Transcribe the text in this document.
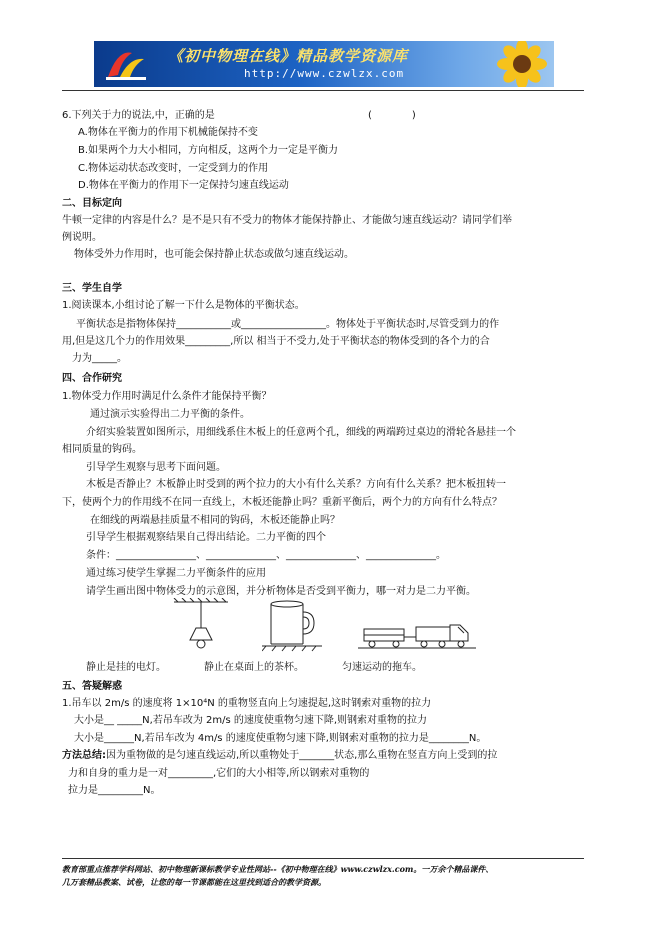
《初中物理在线》精品教学资源库
http://www.czwlzx.com
6.下列关于力的说法,中，正确的是	(　　　　)
A.物体在平衡力的作用下机械能保持不变
B.如果两个力大小相同，方向相反，这两个力一定是平衡力
C.物体运动状态改变时，一定受到力的作用
D.物体在平衡力的作用下一定保持匀速直线运动
二、目标定向
牛顿一定律的内容是什么？是不是只有不受力的物体才能保持静止、才能做匀速直线运动？请同学们举
例说明。
物体受外力作用时，也可能会保持静止状态或做匀速直线运动。
三、学生自学
1.阅读课本,小组讨论了解一下什么是物体的平衡状态。
平衡状态是指物体保持___________或_________________。物体处于平衡状态时,尽管受到力的作
用,但是这几个力的作用效果_________,所以 相当于不受力,处于平衡状态的物体受到的各个力的合
力为_____。
四、合作研究
1.物体受力作用时满足什么条件才能保持平衡？
通过演示实验得出二力平衡的条件。
介绍实验装置如图所示，用细线系住木板上的任意两个孔，细线的两端跨过桌边的滑轮各悬挂一个
相同质量的钩码。
引导学生观察与思考下面问题。
木板是否静止？木板静止时受到的两个拉力的大小有什么关系？方向有什么关系？把木板扭转一
下，使两个力的作用线不在同一直线上，木板还能静止吗？重新平衡后，两个力的方向有什么特点？
在细线的两端悬挂质量不相同的钩码，木板还能静止吗？
引导学生根据观察结果自己得出结论。二力平衡的四个
条件：________________、______________、______________、______________。
通过练习使学生掌握二力平衡条件的应用
请学生画出图中物体受力的示意图，并分析物体是否受到平衡力，哪一对力是二力平衡。
静止是挂的电灯。	静止在桌面上的茶杯。	匀速运动的拖车。
五、答疑解惑
1.吊车以 2m/s 的速度将 1×10⁴N 的重物竖直向上匀速提起,这时钢索对重物的拉力
大小是__ _____N,若吊车改为 2m/s 的速度使重物匀速下降,则钢索对重物的拉力
大小是______N,若吊车改为 4m/s 的速度使重物匀速下降,则钢索对重物的拉力是________N。
方法总结:因为重物做的是匀速直线运动,所以重物处于_______状态,那么重物在竖直方向上受到的拉
力和自身的重力是一对_________,它们的大小相等,所以钢索对重物的
拉力是_________N。
教育部重点推荐学科网站、初中物理新课标教学专业性网站--《初中物理在线》www.czwlzx.com。一万余个精品课件、
几万套精品教案、试卷，让您的每一节课都能在这里找到适合的教学资源。
